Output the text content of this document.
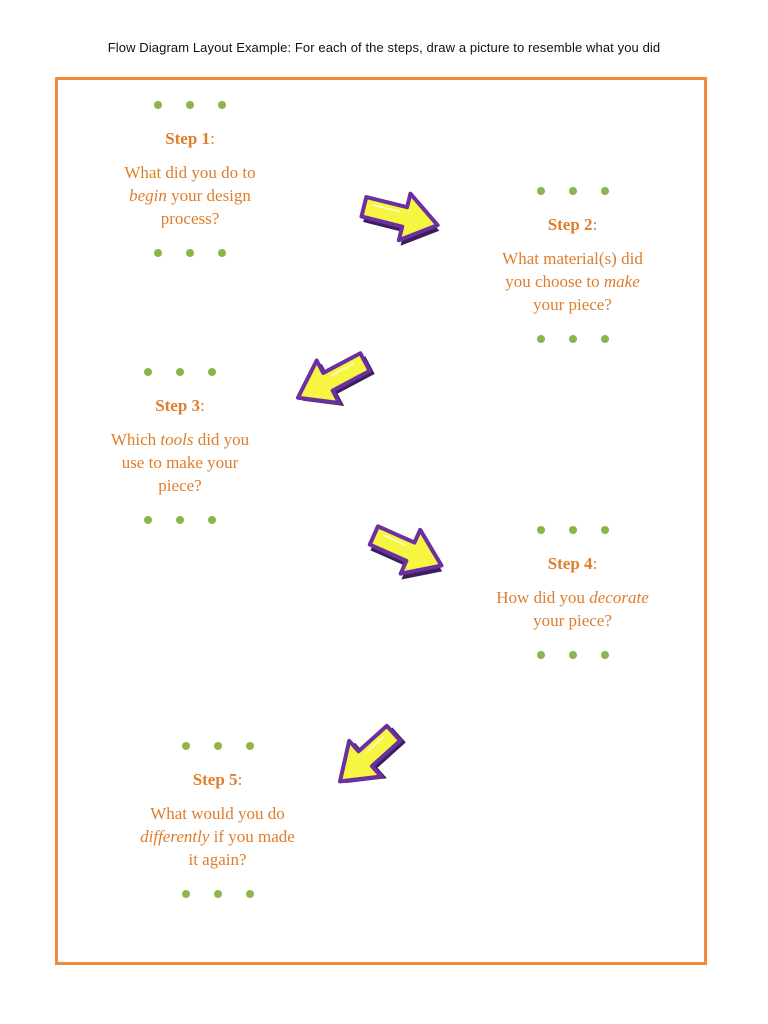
Flow Diagram Layout Example: For each of the steps, draw a picture to resemble what you did
Step 1:
What did you do to
begin your design
process?	Step 2:
What material(s) did
you choose to make
your piece?
Step 3:
Which tools did you
use to make your
piece?
Step 4:
How did you decorate
your piece?
Step 5:
What would you do
differently if you made
it again?
